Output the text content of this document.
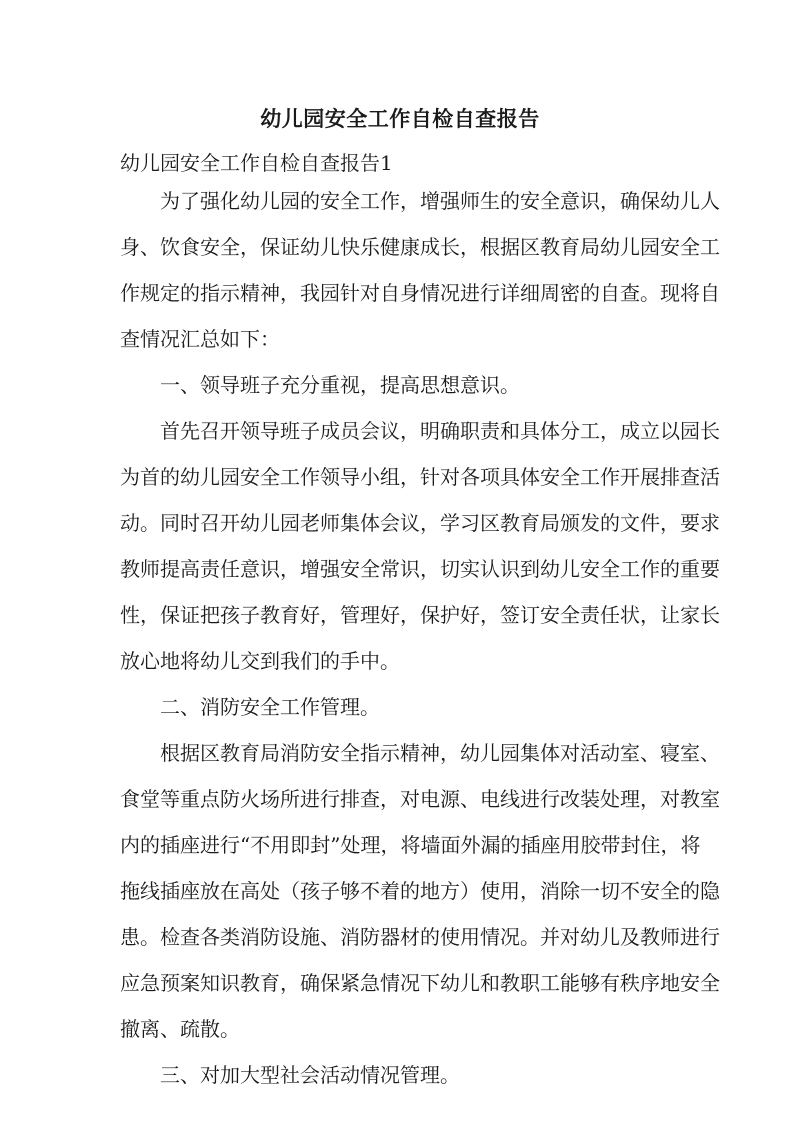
幼儿园安全工作自检自查报告
幼儿园安全工作自检自查报告1
为了强化幼儿园的安全工作，增强师生的安全意识，确保幼儿人
身、饮食安全，保证幼儿快乐健康成长，根据区教育局幼儿园安全工
作规定的指示精神，我园针对自身情况进行详细周密的自查。现将自
查情况汇总如下：
一、领导班子充分重视，提高思想意识。
首先召开领导班子成员会议，明确职责和具体分工，成立以园长
为首的幼儿园安全工作领导小组，针对各项具体安全工作开展排查活
动。同时召开幼儿园老师集体会议，学习区教育局颁发的文件，要求
教师提高责任意识，增强安全常识，切实认识到幼儿安全工作的重要
性，保证把孩子教育好，管理好，保护好，签订安全责任状，让家长
放心地将幼儿交到我们的手中。
二、消防安全工作管理。
根据区教育局消防安全指示精神，幼儿园集体对活动室、寝室、
食堂等重点防火场所进行排查，对电源、电线进行改装处理，对教室
内的插座进行“不用即封”处理，将墙面外漏的插座用胶带封住，将
拖线插座放在高处（孩子够不着的地方）使用，消除一切不安全的隐
患。检查各类消防设施、消防器材的使用情况。并对幼儿及教师进行
应急预案知识教育，确保紧急情况下幼儿和教职工能够有秩序地安全
撤离、疏散。
三、对加大型社会活动情况管理。
